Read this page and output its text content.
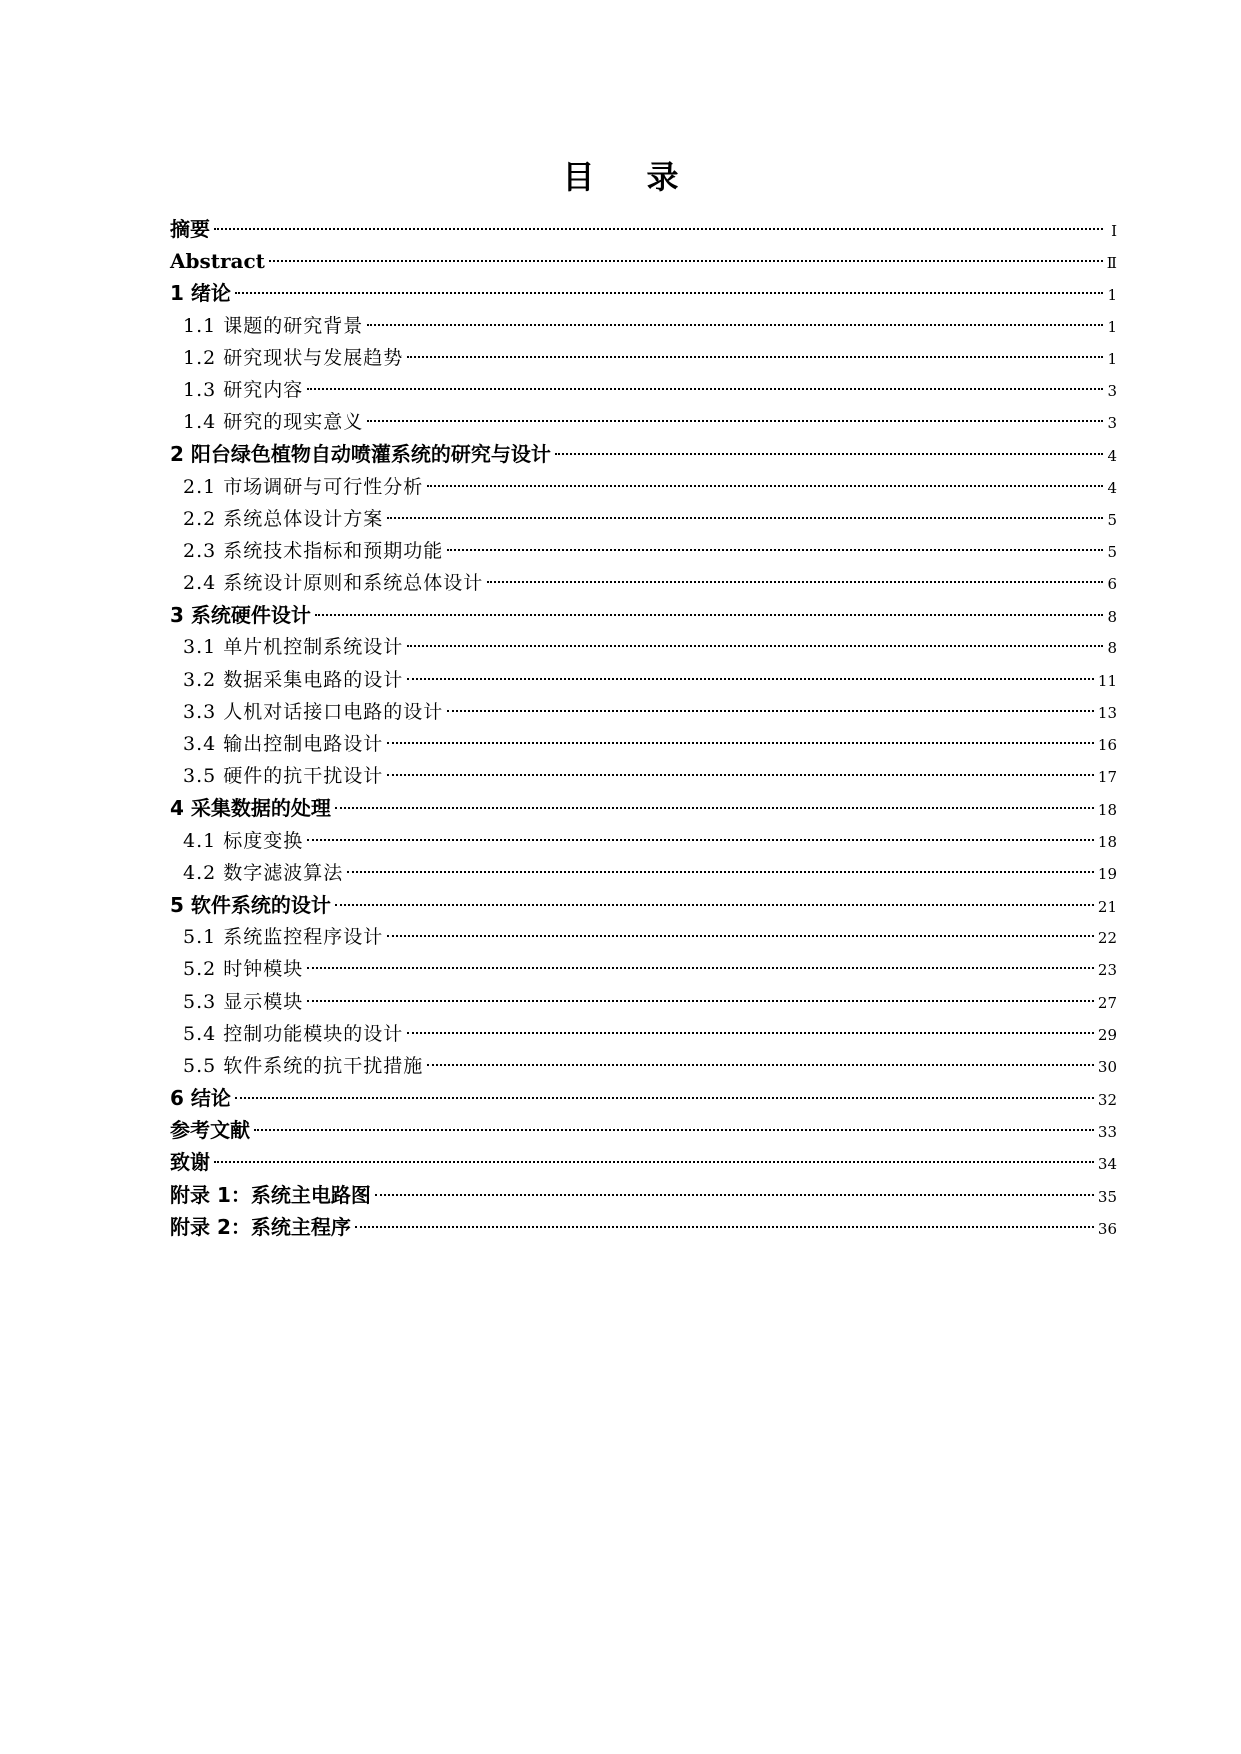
目录
摘要	Ⅰ
Abstract	Ⅱ
1 绪论	1
1.1 课题的研究背景	1
1.2 研究现状与发展趋势	1
1.3 研究内容	3
1.4 研究的现实意义	3
2 阳台绿色植物自动喷灌系统的研究与设计	4
2.1 市场调研与可行性分析	4
2.2 系统总体设计方案	5
2.3 系统技术指标和预期功能	5
2.4 系统设计原则和系统总体设计	6
3 系统硬件设计	8
3.1 单片机控制系统设计	8
3.2 数据采集电路的设计	11
3.3 人机对话接口电路的设计	13
3.4 输出控制电路设计	16
3.5 硬件的抗干扰设计	17
4 采集数据的处理	18
4.1 标度变换	18
4.2 数字滤波算法	19
5 软件系统的设计	21
5.1 系统监控程序设计	22
5.2 时钟模块	23
5.3 显示模块	27
5.4 控制功能模块的设计	29
5.5 软件系统的抗干扰措施	30
6 结论	32
参考文献	33
致谢	34
附录 1：系统主电路图	35
附录 2：系统主程序	36
